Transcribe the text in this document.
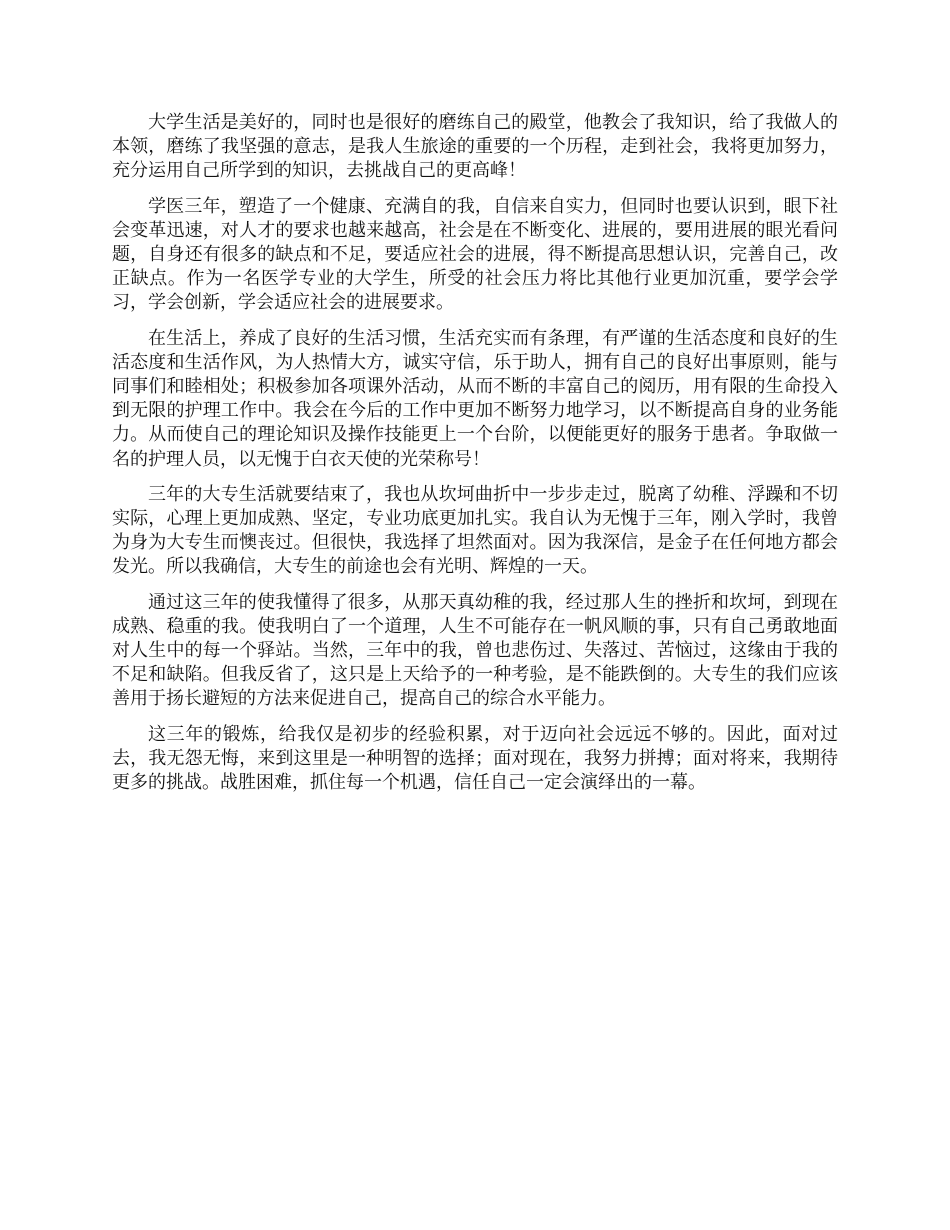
大学生活是美好的，同时也是很好的磨练自己的殿堂，他教会了我知识，给了我做人的本领，磨练了我坚强的意志，是我人生旅途的重要的一个历程，走到社会，我将更加努力，充分运用自己所学到的知识，去挑战自己的更高峰！

学医三年，塑造了一个健康、充满自的我，自信来自实力，但同时也要认识到，眼下社会变革迅速，对人才的要求也越来越高，社会是在不断变化、进展的，要用进展的眼光看问题，自身还有很多的缺点和不足，要适应社会的进展，得不断提高思想认识，完善自己，改正缺点。作为一名医学专业的大学生，所受的社会压力将比其他行业更加沉重，要学会学习，学会创新，学会适应社会的进展要求。

在生活上，养成了良好的生活习惯，生活充实而有条理，有严谨的生活态度和良好的生活态度和生活作风，为人热情大方，诚实守信，乐于助人，拥有自己的良好出事原则，能与同事们和睦相处；积极参加各项课外活动，从而不断的丰富自己的阅历，用有限的生命投入到无限的护理工作中。我会在今后的工作中更加不断努力地学习，以不断提高自身的业务能力。从而使自己的理论知识及操作技能更上一个台阶，以便能更好的服务于患者。争取做一名的护理人员，以无愧于白衣天使的光荣称号！

三年的大专生活就要结束了，我也从坎坷曲折中一步步走过，脱离了幼稚、浮躁和不切实际，心理上更加成熟、坚定，专业功底更加扎实。我自认为无愧于三年，刚入学时，我曾为身为大专生而懊丧过。但很快，我选择了坦然面对。因为我深信，是金子在任何地方都会发光。所以我确信，大专生的前途也会有光明、辉煌的一天。

通过这三年的使我懂得了很多，从那天真幼稚的我，经过那人生的挫折和坎坷，到现在成熟、稳重的我。使我明白了一个道理，人生不可能存在一帆风顺的事，只有自己勇敢地面对人生中的每一个驿站。当然，三年中的我，曾也悲伤过、失落过、苦恼过，这缘由于我的不足和缺陷。但我反省了，这只是上天给予的一种考验，是不能跌倒的。大专生的我们应该善用于扬长避短的方法来促进自己，提高自己的综合水平能力。

这三年的锻炼，给我仅是初步的经验积累，对于迈向社会远远不够的。因此，面对过去，我无怨无悔，来到这里是一种明智的选择；面对现在，我努力拼搏；面对将来，我期待更多的挑战。战胜困难，抓住每一个机遇，信任自己一定会演绎出的一幕。
